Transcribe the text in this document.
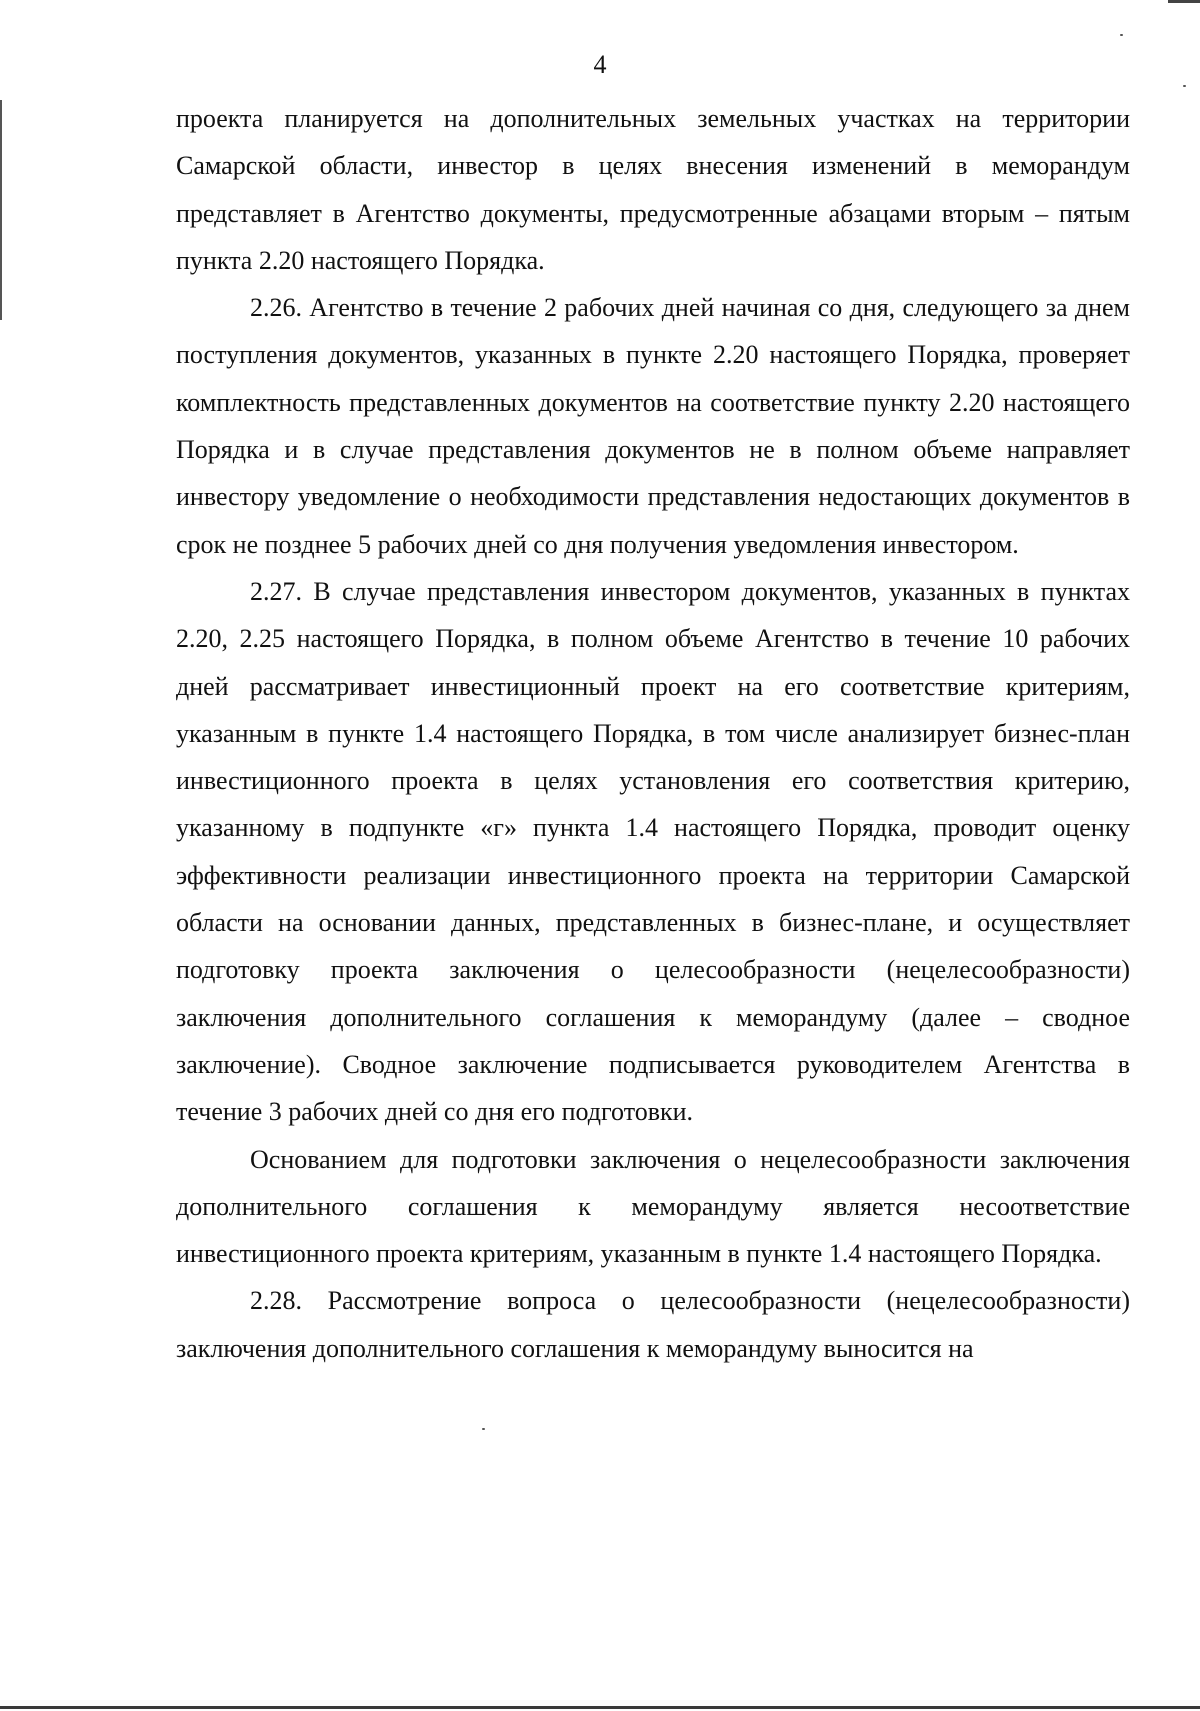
4

проекта планируется на дополнительных земельных участках на территории Самарской области, инвестор в целях внесения изменений в меморандум представляет в Агентство документы, предусмотренные абзацами вторым – пятым пункта 2.20 настоящего Порядка.

2.26. Агентство в течение 2 рабочих дней начиная со дня, следующего за днем поступления документов, указанных в пункте 2.20 настоящего Порядка, проверяет комплектность представленных документов на соответствие пункту 2.20 настоящего Порядка и в случае представления документов не в полном объеме направляет инвестору уведомление о необходимости представления недостающих документов в срок не позднее 5 рабочих дней со дня получения уведомления инвестором.

2.27. В случае представления инвестором документов, указанных в пунктах 2.20, 2.25 настоящего Порядка, в полном объеме Агентство в течение 10 рабочих дней рассматривает инвестиционный проект на его соответствие критериям, указанным в пункте 1.4 настоящего Порядка, в том числе анализирует бизнес-план инвестиционного проекта в целях установления его соответствия критерию, указанному в подпункте «г» пункта 1.4 настоящего Порядка, проводит оценку эффективности реализации инвестиционного проекта на территории Самарской области на основании данных, представленных в бизнес-плане, и осуществляет подготовку проекта заключения о целесообразности (нецелесообразности) заключения дополнительного соглашения к меморандуму (далее – сводное заключение). Сводное заключение подписывается руководителем Агентства в течение 3 рабочих дней со дня его подготовки.

Основанием для подготовки заключения о нецелесообразности заключения дополнительного соглашения к меморандуму является несоответствие инвестиционного проекта критериям, указанным в пункте 1.4 настоящего Порядка.

2.28. Рассмотрение вопроса о целесообразности (нецелесообразности) заключения дополнительного соглашения к меморандуму выносится на
